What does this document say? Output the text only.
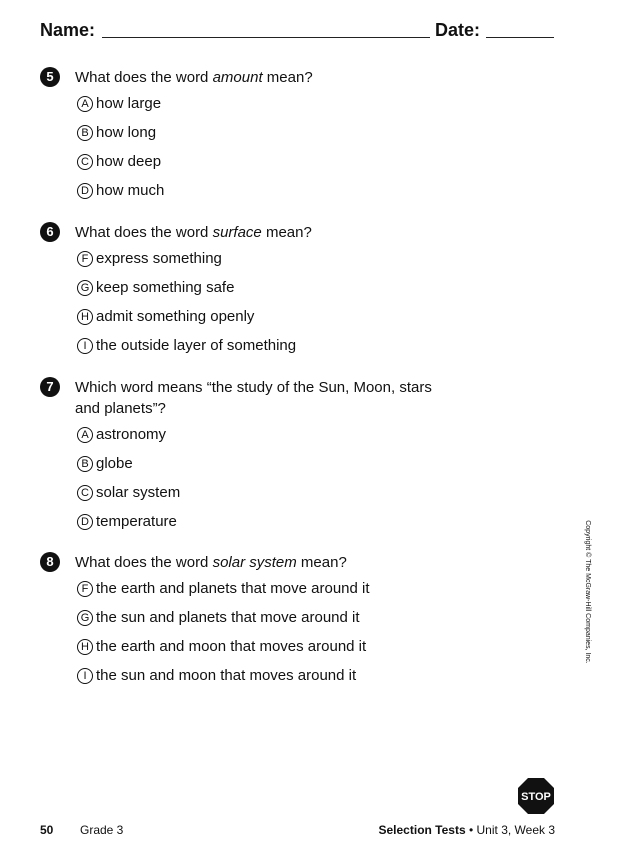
Name:	Date:
5	What does the word amount mean?
A how large
B how long
C how deep
D how much
6	What does the word surface mean?
F express something
G keep something safe
H admit something openly
I the outside layer of something
7	Which word means “the study of the Sun, Moon, stars and planets”?
A astronomy
B globe
C solar system
D temperature
8	What does the word solar system mean?
F the earth and planets that move around it
G the sun and planets that move around it
H the earth and moon that moves around it
I the sun and moon that moves around it
Copyright © The McGraw-Hill Companies, Inc.
STOP
50 Grade 3	Selection Tests • Unit 3, Week 3
